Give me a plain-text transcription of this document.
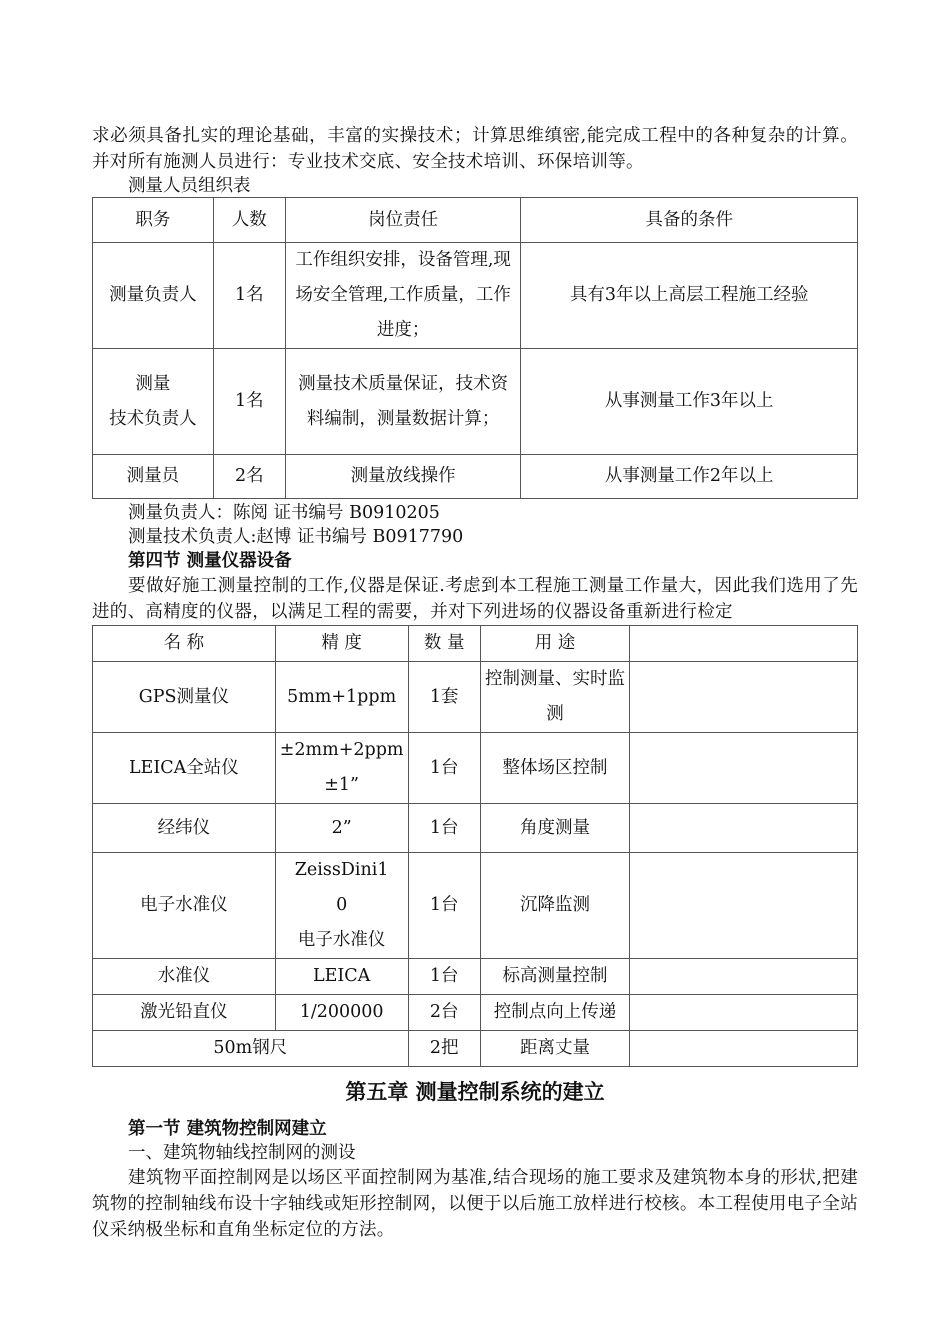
求必须具备扎实的理论基础，丰富的实操技术；计算思维缜密,能完成工程中的各种复杂的计算。并对所有施测人员进行：专业技术交底、安全技术培训、环保培训等。

测量人员组织表
职务	人数	岗位责任	具备的条件
测量负责人	1名	工作组织安排，设备管理,现场安全管理,工作质量，工作进度；	具有3年以上高层工程施工经验
测量
技术负责人	1名	测量技术质量保证，技术资料编制，测量数据计算；	从事测量工作3年以上
测量员	2名	测量放线操作	从事测量工作2年以上

测量负责人：陈阅 证书编号 B0910205

测量技术负责人:赵博 证书编号 B0917790

第四节 测量仪器设备

要做好施工测量控制的工作,仪器是保证.考虑到本工程施工测量工作量大，因此我们选用了先进的、高精度的仪器，以满足工程的需要，并对下列进场的仪器设备重新进行检定

名 称	精 度	数 量	用 途	
GPS测量仪	5mm+1ppm	1套	控制测量、实时监测	
LEICA全站仪	±2mm+2ppm
±1”	1台	整体场区控制	
经纬仪	2”	1台	角度测量	
电子水准仪	ZeissDini1
0
电子水准仪	1台	沉降监测	
水准仪	LEICA	1台	标高测量控制	
激光铅直仪	1/200000	2台	控制点向上传递	
50m钢尺		2把	距离丈量	

第五章 测量控制系统的建立

第一节 建筑物控制网建立

一、建筑物轴线控制网的测设

建筑物平面控制网是以场区平面控制网为基准,结合现场的施工要求及建筑物本身的形状,把建筑物的控制轴线布设十字轴线或矩形控制网，以便于以后施工放样进行校核。本工程使用电子全站仪采纳极坐标和直角坐标定位的方法。
